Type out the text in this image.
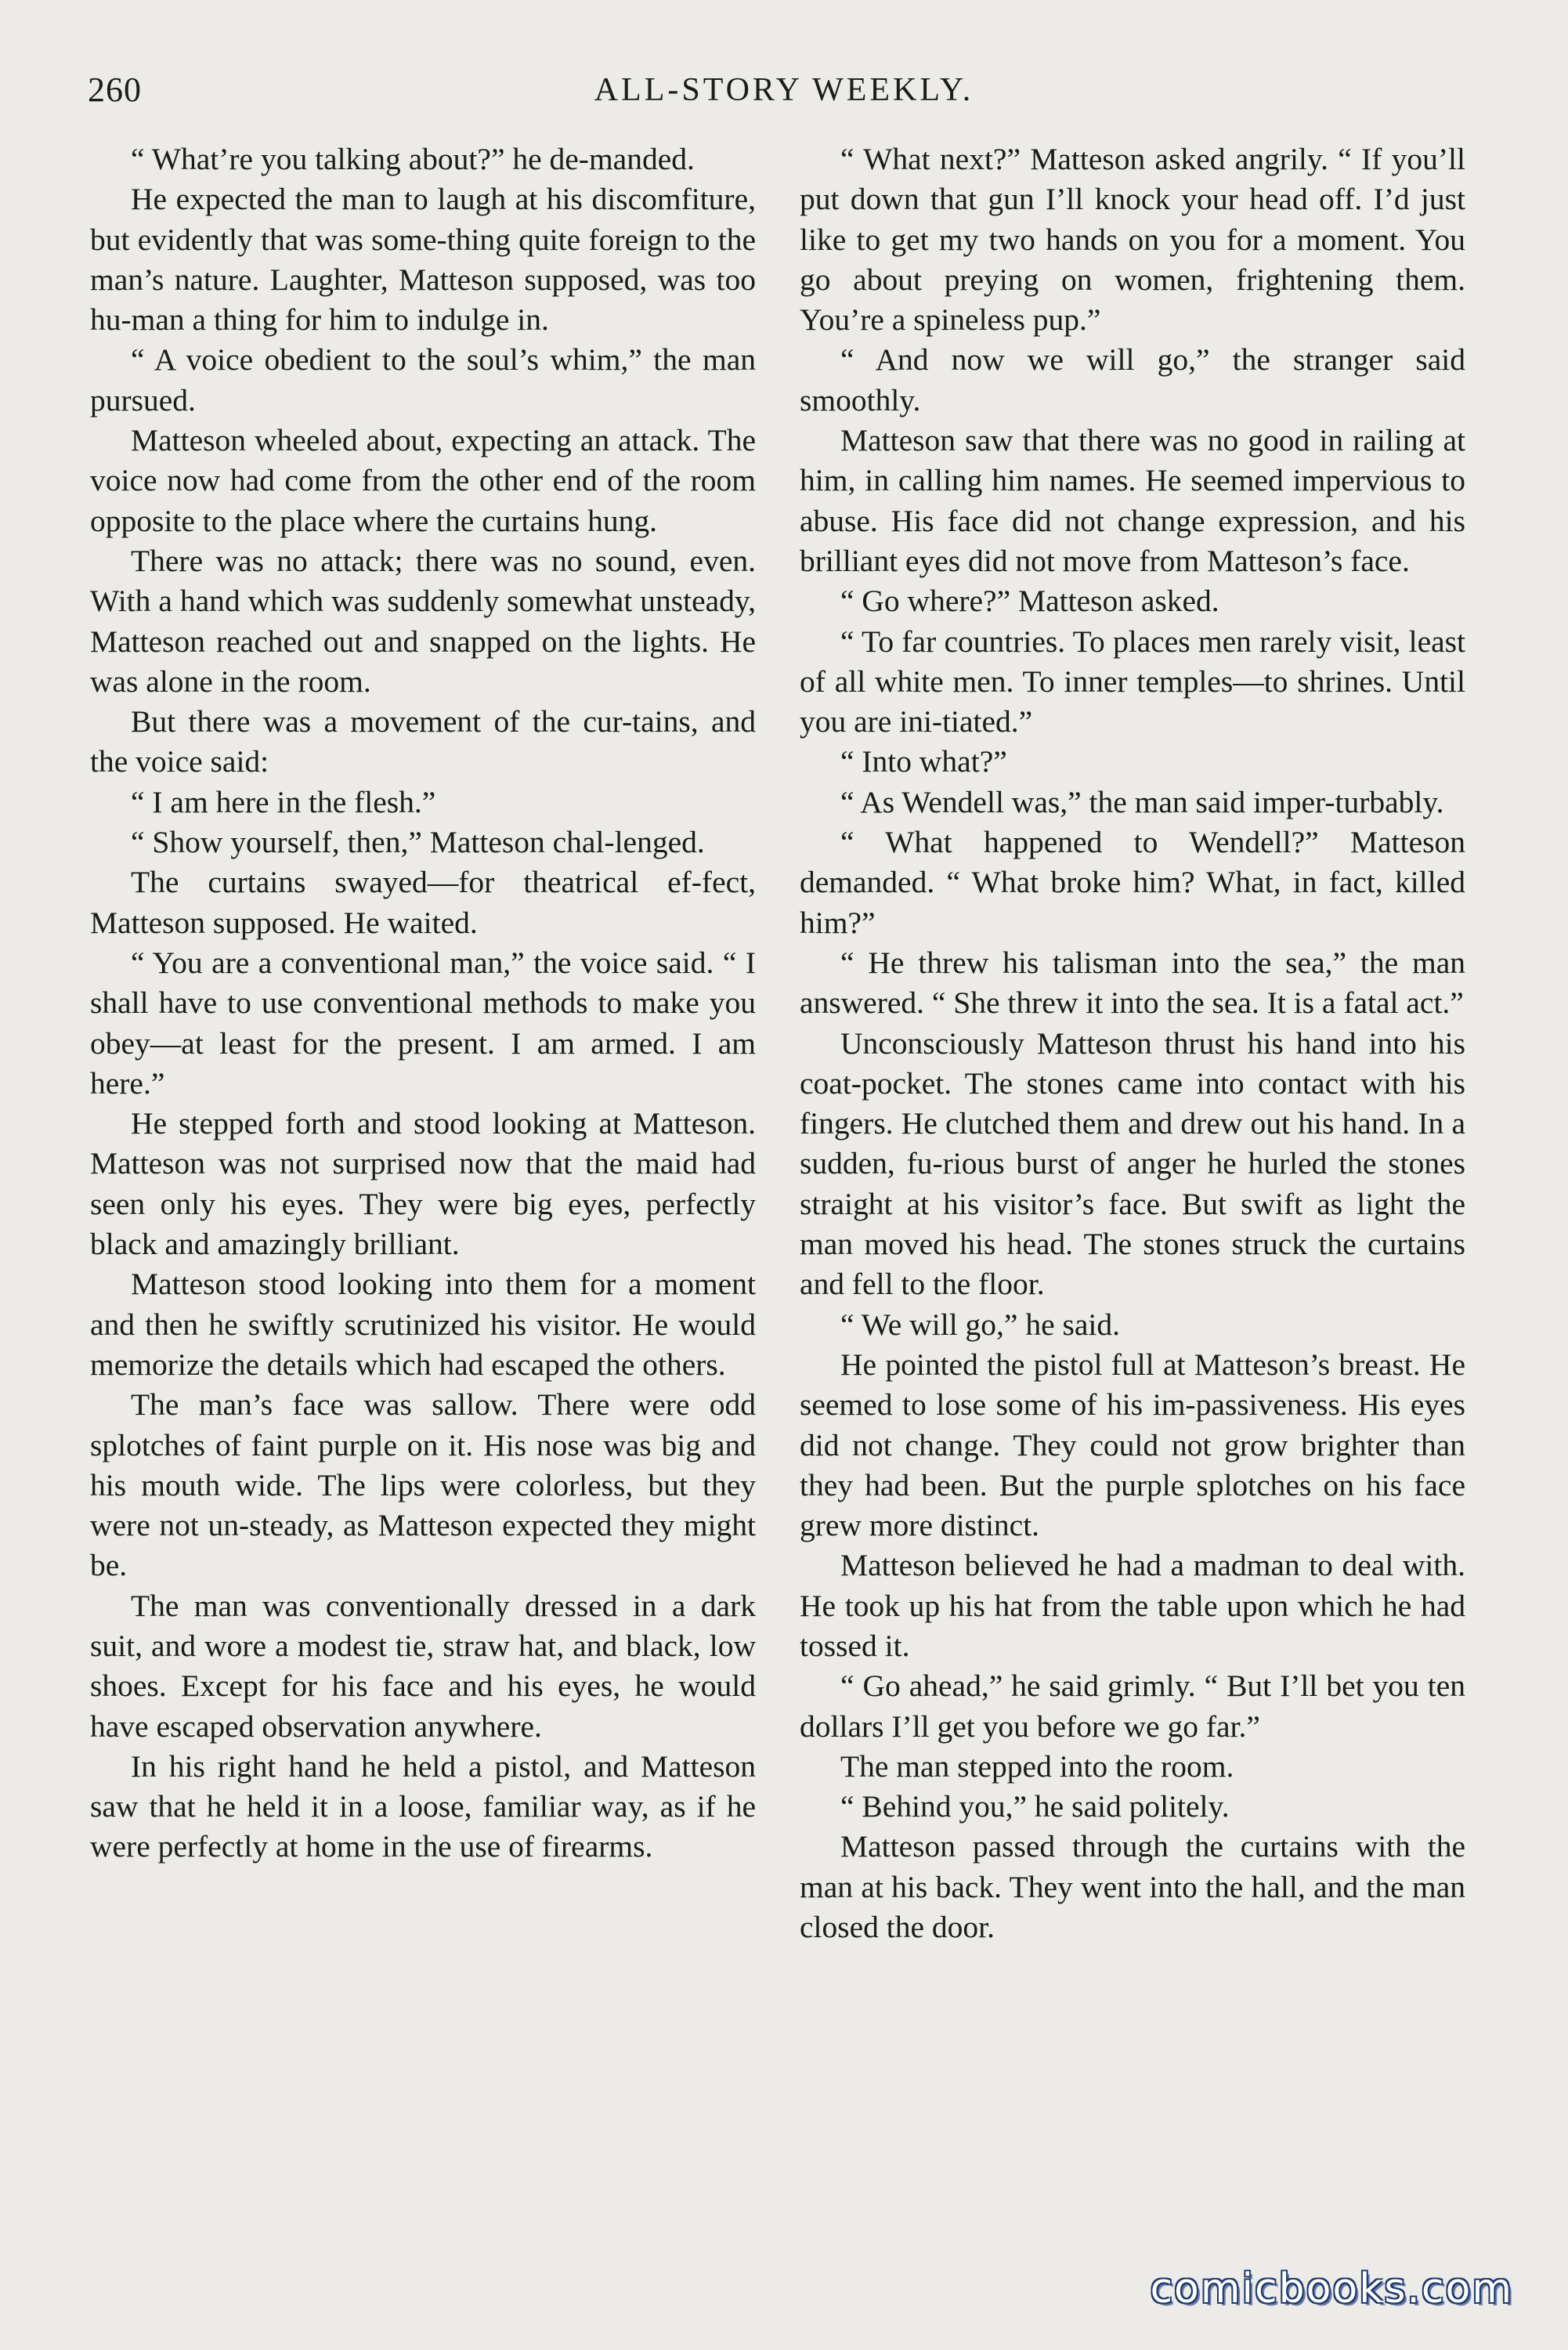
260	ALL-STORY WEEKLY.

“ What’re you talking about?” he de-manded.

He expected the man to laugh at his discomfiture, but evidently that was some-thing quite foreign to the man’s nature. Laughter, Matteson supposed, was too hu-man a thing for him to indulge in.

“ A voice obedient to the soul’s whim,” the man pursued.

Matteson wheeled about, expecting an attack. The voice now had come from the other end of the room opposite to the place where the curtains hung.

There was no attack; there was no sound, even. With a hand which was suddenly somewhat unsteady, Matteson reached out and snapped on the lights. He was alone in the room.

But there was a movement of the cur-tains, and the voice said:

“ I am here in the flesh.”

“ Show yourself, then,” Matteson chal-lenged.

The curtains swayed—for theatrical ef-fect, Matteson supposed. He waited.

“ You are a conventional man,” the voice said. “ I shall have to use conventional methods to make you obey—at least for the present. I am armed. I am here.”

He stepped forth and stood looking at Matteson. Matteson was not surprised now that the maid had seen only his eyes. They were big eyes, perfectly black and amazingly brilliant.

Matteson stood looking into them for a moment and then he swiftly scrutinized his visitor. He would memorize the details which had escaped the others.

The man’s face was sallow. There were odd splotches of faint purple on it. His nose was big and his mouth wide. The lips were colorless, but they were not un-steady, as Matteson expected they might be.

The man was conventionally dressed in a dark suit, and wore a modest tie, straw hat, and black, low shoes. Except for his face and his eyes, he would have escaped observation anywhere.

In his right hand he held a pistol, and Matteson saw that he held it in a loose, familiar way, as if he were perfectly at home in the use of firearms.

“ What next?” Matteson asked angrily. “ If you’ll put down that gun I’ll knock your head off. I’d just like to get my two hands on you for a moment. You go about preying on women, frightening them. You’re a spineless pup.”

“ And now we will go,” the stranger said smoothly.

Matteson saw that there was no good in railing at him, in calling him names. He seemed impervious to abuse. His face did not change expression, and his brilliant eyes did not move from Matteson’s face.

“ Go where?” Matteson asked.

“ To far countries. To places men rarely visit, least of all white men. To inner temples—to shrines. Until you are ini-tiated.”

“ Into what?”

“ As Wendell was,” the man said imper-turbably.

“ What happened to Wendell?” Matteson demanded. “ What broke him? What, in fact, killed him?”

“ He threw his talisman into the sea,” the man answered. “ She threw it into the sea. It is a fatal act.”

Unconsciously Matteson thrust his hand into his coat-pocket. The stones came into contact with his fingers. He clutched them and drew out his hand. In a sudden, fu-rious burst of anger he hurled the stones straight at his visitor’s face. But swift as light the man moved his head. The stones struck the curtains and fell to the floor.

“ We will go,” he said.

He pointed the pistol full at Matteson’s breast. He seemed to lose some of his im-passiveness. His eyes did not change. They could not grow brighter than they had been. But the purple splotches on his face grew more distinct.

Matteson believed he had a madman to deal with. He took up his hat from the table upon which he had tossed it.

“ Go ahead,” he said grimly. “ But I’ll bet you ten dollars I’ll get you before we go far.”

The man stepped into the room.

“ Behind you,” he said politely.

Matteson passed through the curtains with the man at his back. They went into the hall, and the man closed the door.

comicbooks.com
